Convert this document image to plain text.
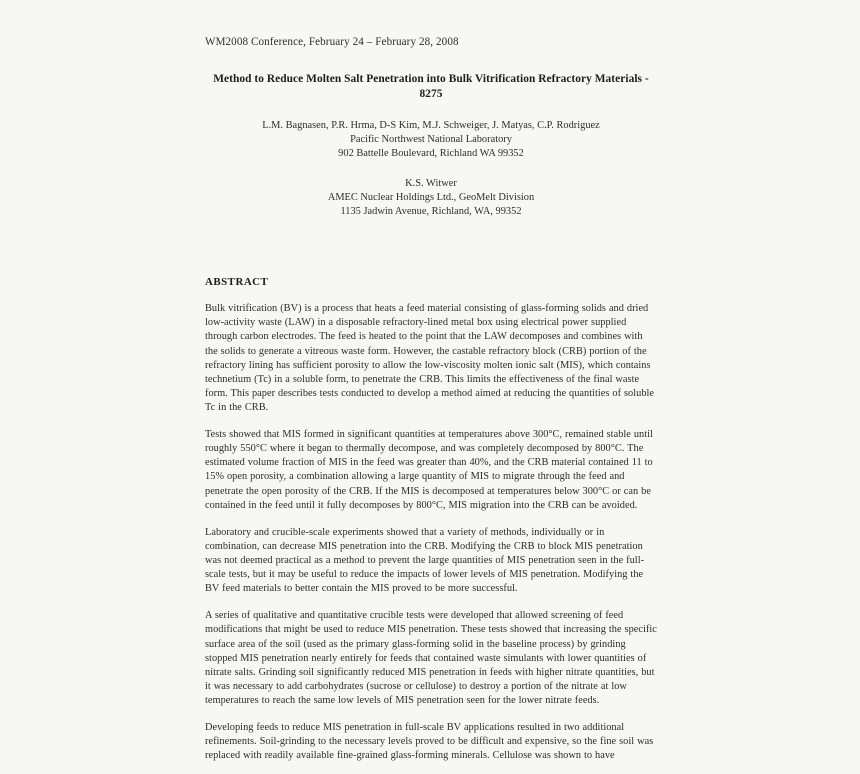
WM2008 Conference, February 24 – February 28, 2008
Method to Reduce Molten Salt Penetration into Bulk Vitrification Refractory Materials - 8275
L.M. Bagnasen, P.R. Hrma, D-S Kim, M.J. Schweiger, J. Matyas, C.P. Rodriguez
Pacific Northwest National Laboratory
902 Battelle Boulevard, Richland WA 99352
K.S. Witwer
AMEC Nuclear Holdings Ltd., GeoMelt Division
1135 Jadwin Avenue, Richland, WA, 99352
ABSTRACT

Bulk vitrification (BV) is a process that heats a feed material consisting of glass-forming solids and dried low-activity waste (LAW) in a disposable refractory-lined metal box using electrical power supplied through carbon electrodes. The feed is heated to the point that the LAW decomposes and combines with the solids to generate a vitreous waste form. However, the castable refractory block (CRB) portion of the refractory lining has sufficient porosity to allow the low-viscosity molten ionic salt (MIS), which contains technetium (Tc) in a soluble form, to penetrate the CRB. This limits the effectiveness of the final waste form. This paper describes tests conducted to develop a method aimed at reducing the quantities of soluble Tc in the CRB.

Tests showed that MIS formed in significant quantities at temperatures above 300°C, remained stable until roughly 550°C where it began to thermally decompose, and was completely decomposed by 800°C. The estimated volume fraction of MIS in the feed was greater than 40%, and the CRB material contained 11 to 15% open porosity, a combination allowing a large quantity of MIS to migrate through the feed and penetrate the open porosity of the CRB. If the MIS is decomposed at temperatures below 300°C or can be contained in the feed until it fully decomposes by 800°C, MIS migration into the CRB can be avoided.

Laboratory and crucible-scale experiments showed that a variety of methods, individually or in combination, can decrease MIS penetration into the CRB. Modifying the CRB to block MIS penetration was not deemed practical as a method to prevent the large quantities of MIS penetration seen in the full-scale tests, but it may be useful to reduce the impacts of lower levels of MIS penetration. Modifying the BV feed materials to better contain the MIS proved to be more successful.

A series of qualitative and quantitative crucible tests were developed that allowed screening of feed modifications that might be used to reduce MIS penetration. These tests showed that increasing the specific surface area of the soil (used as the primary glass-forming solid in the baseline process) by grinding stopped MIS penetration nearly entirely for feeds that contained waste simulants with lower quantities of nitrate salts. Grinding soil significantly reduced MIS penetration in feeds with higher nitrate quantities, but it was necessary to add carbohydrates (sucrose or cellulose) to destroy a portion of the nitrate at low temperatures to reach the same low levels of MIS penetration seen for the lower nitrate feeds.

Developing feeds to reduce MIS penetration in full-scale BV applications resulted in two additional refinements. Soil-grinding to the necessary levels proved to be difficult and expensive, so the fine soil was replaced with readily available fine-grained glass-forming minerals. Cellulose was shown to have
